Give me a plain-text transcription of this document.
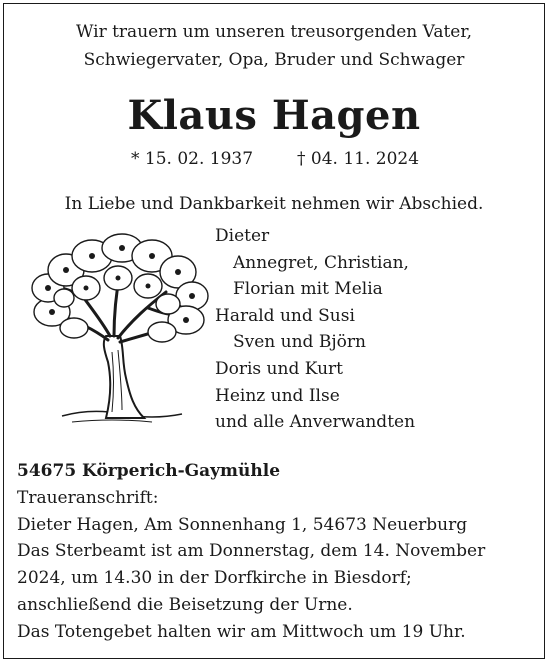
Wir trauern um unseren treusorgenden Vater,
Schwiegervater, Opa, Bruder und Schwager
Klaus Hagen
* 15. 02. 1937	† 04. 11. 2024
In Liebe und Dankbarkeit nehmen wir Abschied.
Dieter
Annegret, Christian,
Florian mit Melia
Harald und Susi
Sven und Björn
Doris und Kurt
Heinz und Ilse
und alle Anverwandten
54675 Körperich-Gaymühle
Traueranschrift:
Dieter Hagen, Am Sonnenhang 1, 54673 Neuerburg
Das Sterbeamt ist am Donnerstag, dem 14. November
2024, um 14.30 in der Dorfkirche in Biesdorf;
anschließend die Beisetzung der Urne.
Das Totengebet halten wir am Mittwoch um 19 Uhr.
